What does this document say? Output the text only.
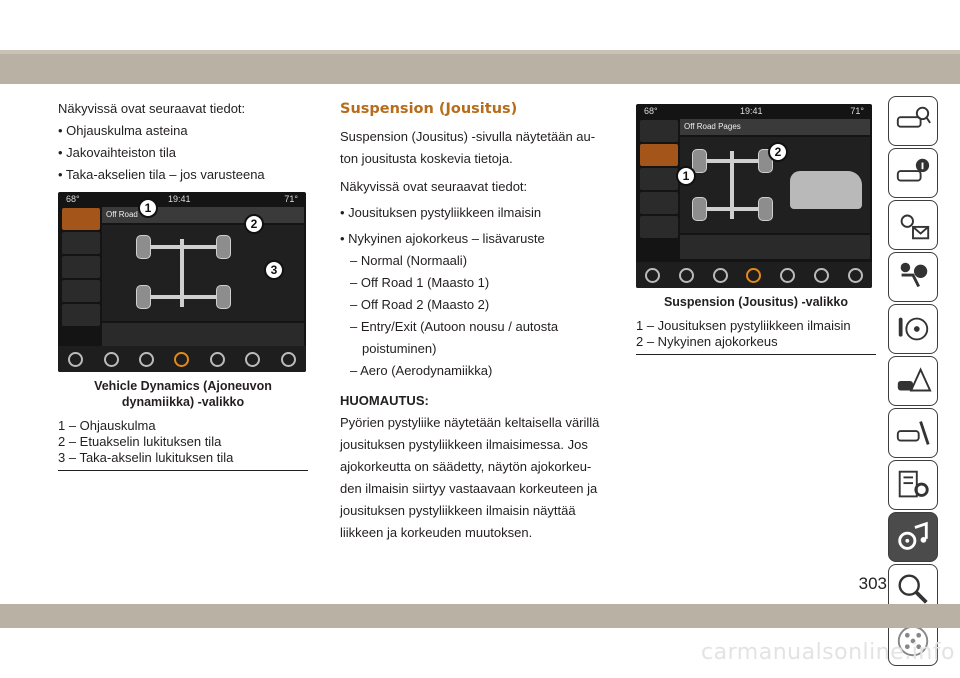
Näkyvissä ovat seuraavat tiedot:

• Ohjauskulma asteina

• Jakovaihteiston tila

• Taka-akselien tila – jos varusteena

68°	19:41	71°
Off Road 1
2
3
Vehicle Dynamics (Ajoneuvon dynamiikka) -valikko
1 – Ohjauskulma
2 – Etuakselin lukituksen tila
3 – Taka-akselin lukituksen tila

Suspension (Jousitus)

Suspension (Jousitus) -sivulla näytetään au-ton jousitusta koskevia tietoja.

Näkyvissä ovat seuraavat tiedot:

• Jousituksen pystyliikkeen ilmaisin

• Nykyinen ajokorkeus – lisävaruste

– Normal (Normaali)

– Off Road 1 (Maasto 1)

– Off Road 2 (Maasto 2)

– Entry/Exit (Autoon nousu / autosta poistuminen)

– Aero (Aerodynamiikka)

HUOMAUTUS:

Pyörien pystyliike näytetään keltaisella värillä jousituksen pystyliikkeen ilmaisimessa. Jos ajokorkeutta on säädetty, näytön ajokorkeu-den ilmaisin siirtyy vastaavaan korkeuteen ja jousituksen pystyliikkeen ilmaisin näyttää liikkeen ja korkeuden muutoksen.

68°	19:41	71°
Off Road Pages
1
2
Suspension (Jousitus) -valikko
1 – Jousituksen pystyliikkeen ilmaisin
2 – Nykyinen ajokorkeus
303
carmanualsonline.info
